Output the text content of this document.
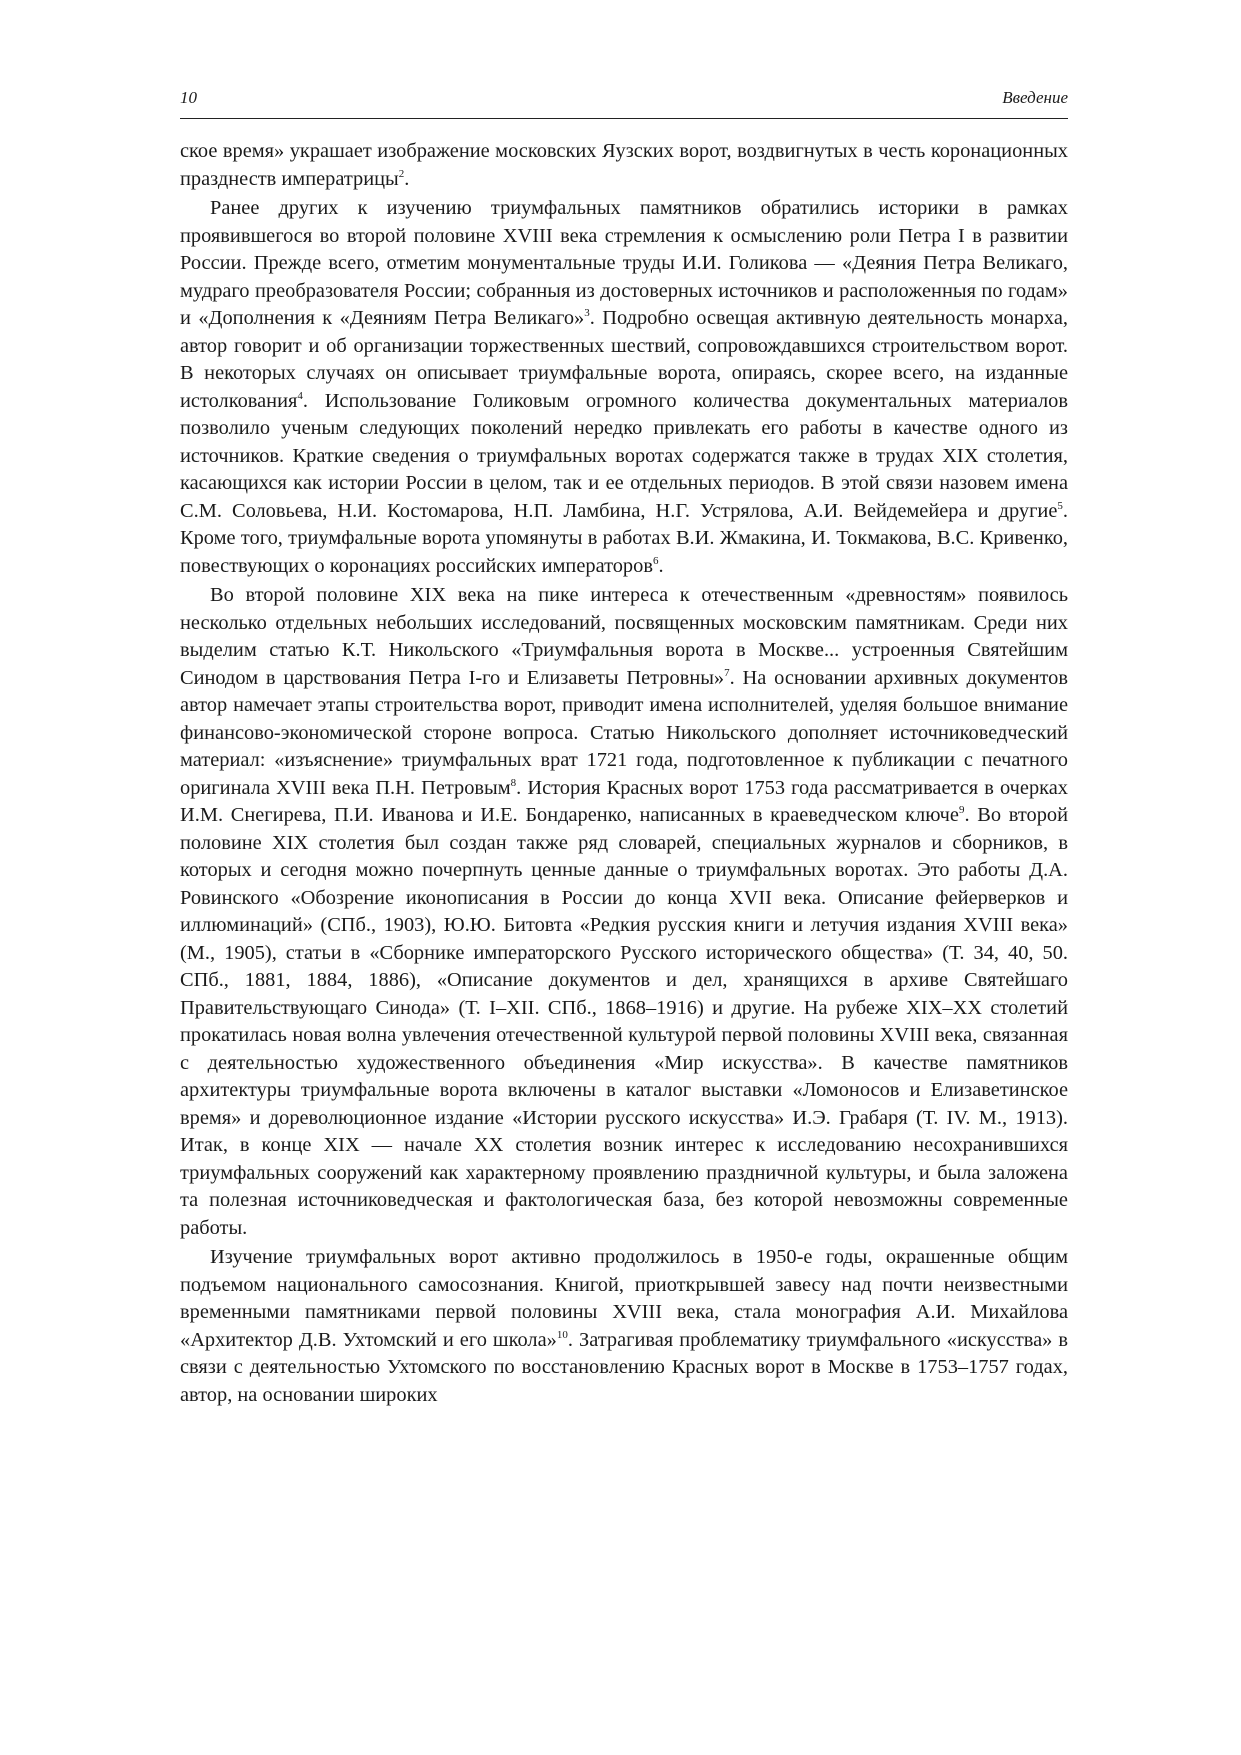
10	Введение

ское время» украшает изображение московских Яузских ворот, воздвигнутых в честь коронационных празднеств императрицы$^2$.

Ранее других к изучению триумфальных памятников обратились историки в рамках проявившегося во второй половине XVIII века стремления к осмыслению роли Петра I в развитии России. Прежде всего, отметим монументальные труды И.И. Голикова — «Деяния Петра Великаго, мудраго преобразователя России; собранныя из достоверных источников и расположенныя по годам» и «Дополнения к «Деяниям Петра Великаго»$^3$. Подробно освещая активную деятельность монарха, автор говорит и об организации торжественных шествий, сопровождавшихся строительством ворот. В некоторых случаях он описывает триумфальные ворота, опираясь, скорее всего, на изданные истолкования$^4$. Использование Голиковым огромного количества документальных материалов позволило ученым следующих поколений нередко привлекать его работы в качестве одного из источников. Краткие сведения о триумфальных воротах содержатся также в трудах XIX столетия, касающихся как истории России в целом, так и ее отдельных периодов. В этой связи назовем имена С.М. Соловьева, Н.И. Костомарова, Н.П. Ламбина, Н.Г. Устрялова, А.И. Вейдемейера и другие$^5$. Кроме того, триумфальные ворота упомянуты в работах В.И. Жмакина, И. Токмакова, В.С. Кривенко, повествующих о коронациях российских императоров$^6$.

Во второй половине XIX века на пике интереса к отечественным «древностям» появилось несколько отдельных небольших исследований, посвященных московским памятникам. Среди них выделим статью К.Т. Никольского «Триумфальныя ворота в Москве... устроенныя Святейшим Синодом в царствования Петра I-го и Елизаветы Петровны»$^7$. На основании архивных документов автор намечает этапы строительства ворот, приводит имена исполнителей, уделяя большое внимание финансово-экономической стороне вопроса. Статью Никольского дополняет источниковедческий материал: «изъяснение» триумфальных врат 1721 года, подготовленное к публикации с печатного оригинала XVIII века П.Н. Петровым$^8$. История Красных ворот 1753 года рассматривается в очерках И.М. Снегирева, П.И. Иванова и И.Е. Бондаренко, написанных в краеведческом ключе$^9$. Во второй половине XIX столетия был создан также ряд словарей, специальных журналов и сборников, в которых и сегодня можно почерпнуть ценные данные о триумфальных воротах. Это работы Д.А. Ровинского «Обозрение иконописания в России до конца XVII века. Описание фейерверков и иллюминаций» (СПб., 1903), Ю.Ю. Битовта «Редкия русския книги и летучия издания XVIII века» (М., 1905), статьи в «Сборнике императорского Русского исторического общества» (Т. 34, 40, 50. СПб., 1881, 1884, 1886), «Описание документов и дел, хранящихся в архиве Святейшаго Правительствующаго Синода» (Т. I–XII. СПб., 1868–1916) и другие. На рубеже XIX–XX столетий прокатилась новая волна увлечения отечественной культурой первой половины XVIII века, связанная с деятельностью художественного объединения «Мир искусства». В качестве памятников архитектуры триумфальные ворота включены в каталог выставки «Ломоносов и Елизаветинское время» и дореволюционное издание «Истории русского искусства» И.Э. Грабаря (Т. IV. М., 1913). Итак, в конце XIX — начале XX столетия возник интерес к исследованию несохранившихся триумфальных сооружений как характерному проявлению праздничной культуры, и была заложена та полезная источниковедческая и фактологическая база, без которой невозможны современные работы.

Изучение триумфальных ворот активно продолжилось в 1950-е годы, окрашенные общим подъемом национального самосознания. Книгой, приоткрывшей завесу над почти неизвестными временными памятниками первой половины XVIII века, стала монография А.И. Михайлова «Архитектор Д.В. Ухтомский и его школа»$^{10}$. Затрагивая проблематику триумфального «искусства» в связи с деятельностью Ухтомского по восстановлению Красных ворот в Москве в 1753–1757 годах, автор, на основании широких
